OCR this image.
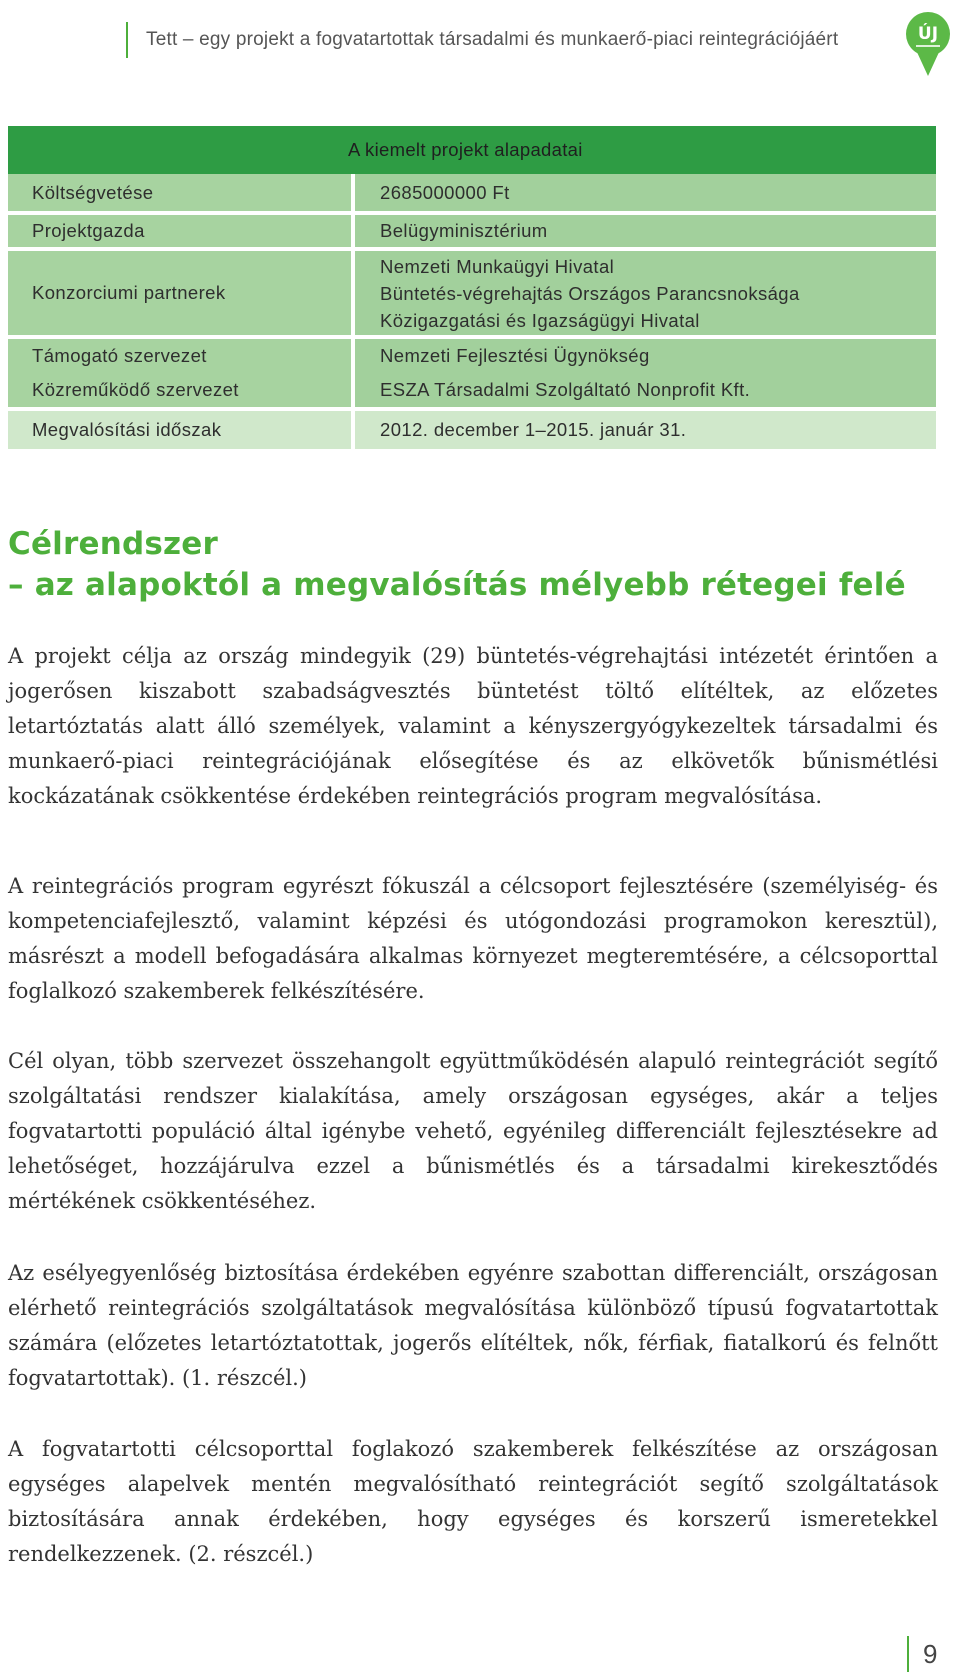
Tett – egy projekt a fogvatartottak társadalmi és munkaerő-piaci reintegrációjáért	ÚJ
A kiemelt projekt alapadatai	
Költségvetése	2685000000 Ft
Projektgazda	Belügyminisztérium
Konzorciumi partnerek	Nemzeti Munkaügyi Hivatal
Büntetés-végrehajtás Országos Parancsnoksága
Közigazgatási és Igazságügyi Hivatal

Támogató szervezet	Nemzeti Fejlesztési Ügynökség
Közreműködő szervezet	ESZA Társadalmi Szolgáltató Nonprofit Kft.
Megvalósítási időszak	2012. december 1–2015. január 31.
Célrendszer
– az alapoktól a megvalósítás mélyebb rétegei felé

A projekt célja az ország mindegyik (29) büntetés-végrehajtási intézetét érintően a jogerősen kiszabott szabadságvesztés büntetést töltő elítéltek, az előzetes letartóztatás alatt álló személyek, valamint a kényszergyógykezeltek társadalmi és munkaerő-piaci reintegrációjának elősegítése és az elkövetők bűnismétlési kockázatának csökkentése érdekében reintegrációs program megvalósítása.

A reintegrációs program egyrészt fókuszál a célcsoport fejlesztésére (személyiség- és kompetenciafejlesztő, valamint képzési és utógondozási programokon keresztül), másrészt a modell befogadására alkalmas környezet megteremtésére, a célcsoporttal foglalkozó szakemberek felkészítésére.

Cél olyan, több szervezet összehangolt együttműködésén alapuló reintegrációt segítő szolgáltatási rendszer kialakítása, amely országosan egységes, akár a teljes fogvatartotti populáció által igénybe vehető, egyénileg differenciált fejlesztésekre ad lehetőséget, hozzájárulva ezzel a bűnismétlés és a társadalmi kirekesztődés mértékének csökkentéséhez.

Az esélyegyenlőség biztosítása érdekében egyénre szabottan differenciált, országosan elérhető reintegrációs szolgáltatások megvalósítása különböző típusú fogvatartottak számára (előzetes letartóztatottak, jogerős elítéltek, nők, férfiak, fiatalkorú és felnőtt fogvatartottak). (1. részcél.)

A fogvatartotti célcsoporttal foglakozó szakemberek felkészítése az országosan egységes alapelvek mentén megvalósítható reintegrációt segítő szolgáltatások biztosítására annak érdekében, hogy egységes és korszerű ismeretekkel rendelkezzenek. (2. részcél.)

9
